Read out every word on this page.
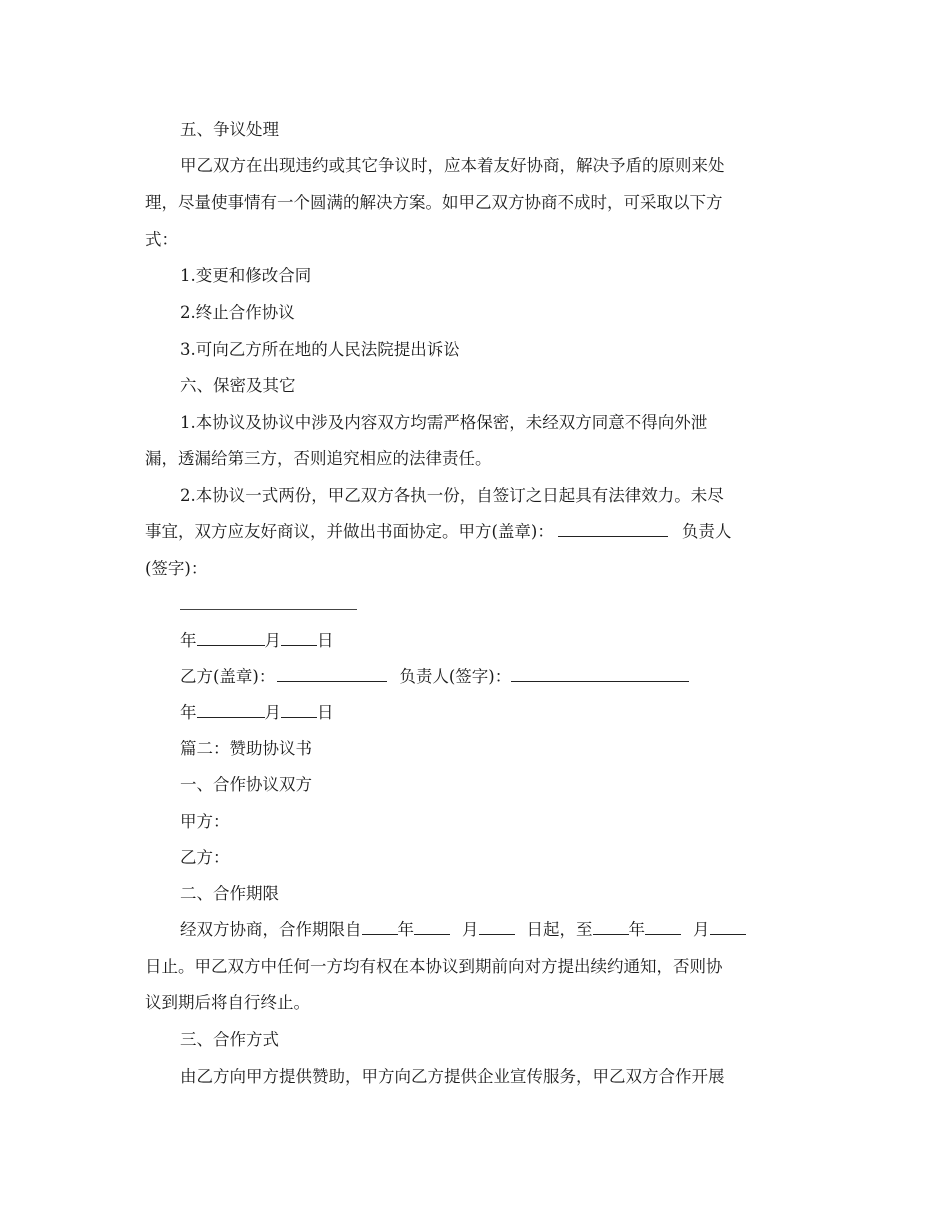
五、争议处理
甲乙双方在出现违约或其它争议时，应本着友好协商，解决予盾的原则来处
理，尽量使事情有一个圆满的解决方案。如甲乙双方协商不成时，可采取以下方
式：
1.变更和修改合同
2.终止合作协议
3.可向乙方所在地的人民法院提出诉讼
六、保密及其它
1.本协议及协议中涉及内容双方均需严格保密，未经双方同意不得向外泄
漏，透漏给第三方，否则追究相应的法律责任。
2.本协议一式两份，甲乙双方各执一份，自签订之日起具有法律效力。未尽
事宜，双方应友好商议，并做出书面协定。甲方(盖章)：	负责人
(签字)：
年	月 日
乙方(盖章)：	负责人(签字)：
年	月 日
篇二：赞助协议书
一、合作协议双方
甲方：
乙方：
二、合作期限
经双方协商，合作期限自 年	月	日起，至 年	月
日止。甲乙双方中任何一方均有权在本协议到期前向对方提出续约通知，否则协
议到期后将自行终止。
三、合作方式
由乙方向甲方提供赞助，甲方向乙方提供企业宣传服务，甲乙双方合作开展
